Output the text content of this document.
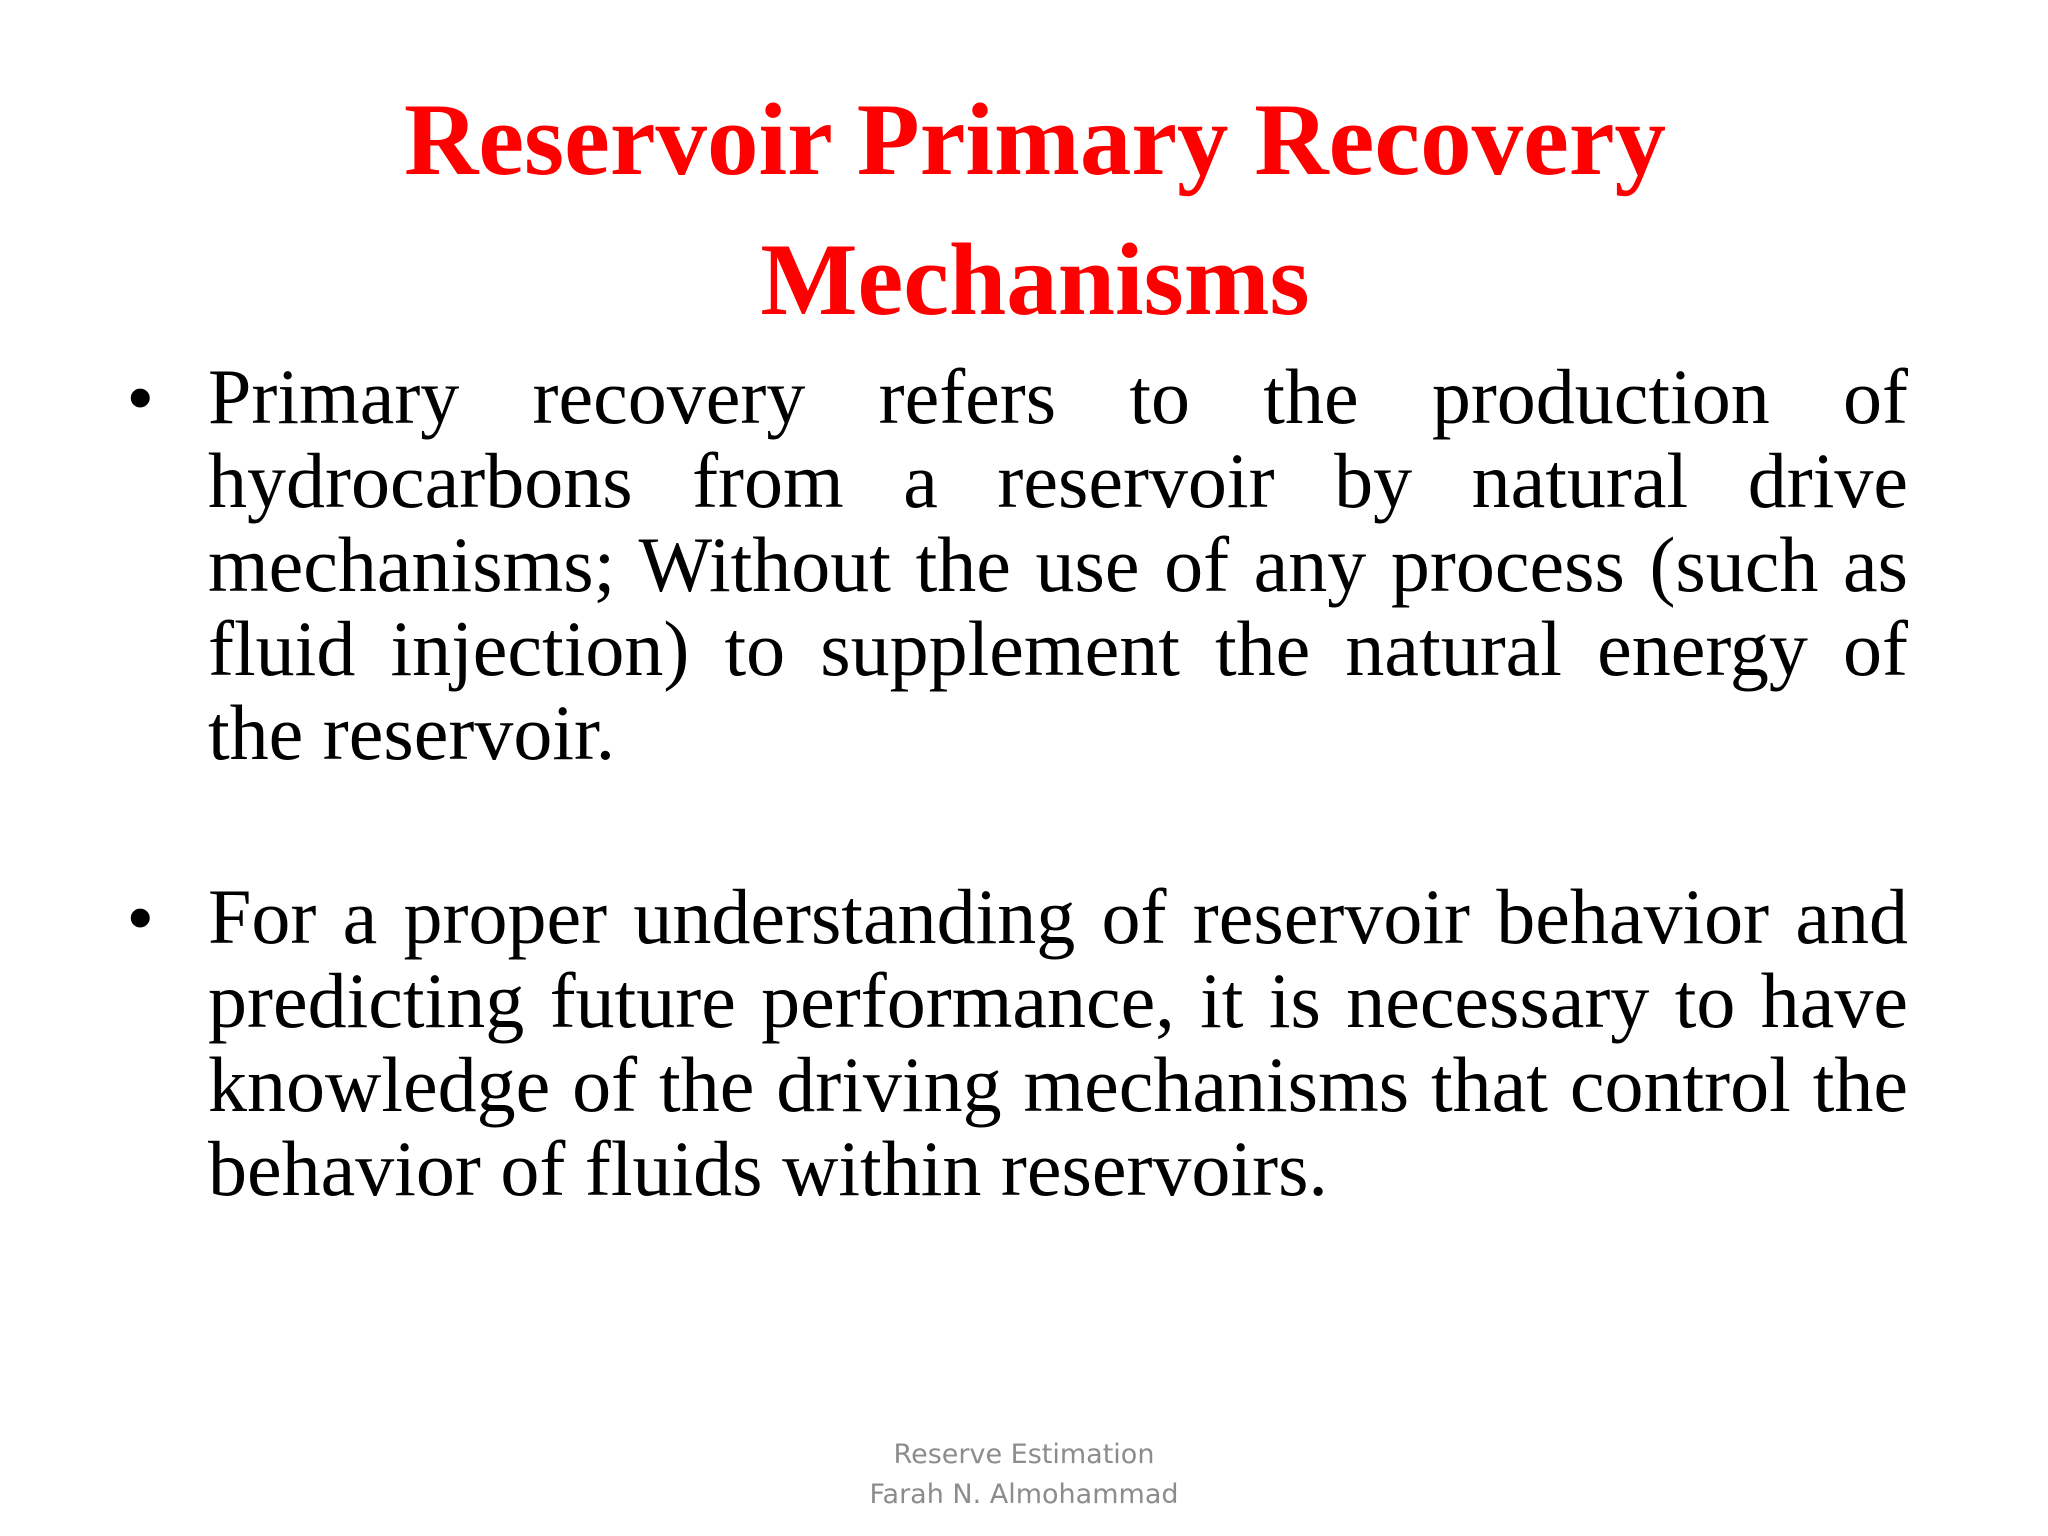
Reservoir Primary Recovery
Mechanisms
• Primary recovery refers to the production of hydrocarbons from a reservoir by natural drive mechanisms; Without the use of any process (such as fluid injection) to supplement the natural energy of the reservoir.
• For a proper understanding of reservoir behavior and predicting future performance, it is necessary to have knowledge of the driving mechanisms that control the behavior of fluids within reservoirs.
Reserve Estimation
Farah N. Almohammad
